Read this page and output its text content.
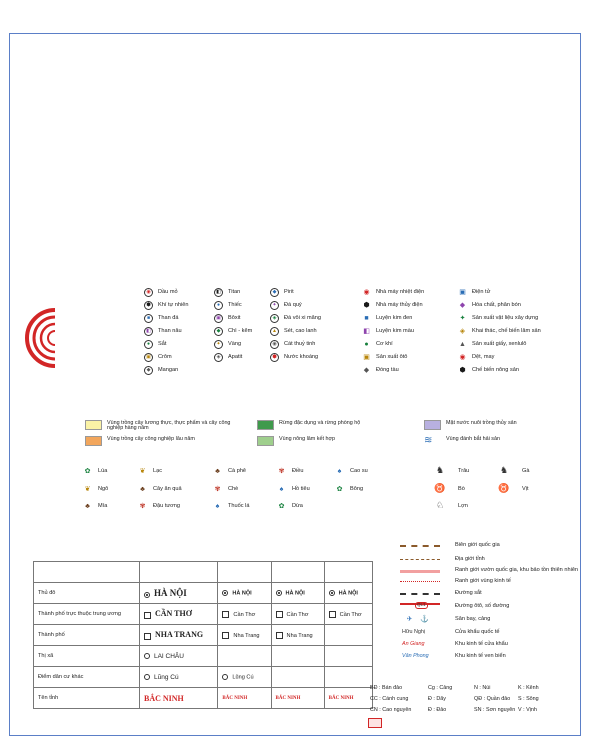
◉	Dầu mỏ
⬢	Khí tự nhiên
■	Than đá
◧	Than nâu
●	Sắt
▣	Crôm
◆	Mangan
◧	Titan
●	Thiếc
▣	Bôxit
◆	Chì - kẽm
✦	Vàng
◈	Apatit
◆	Pirit
✦	Đá quý
◈	Đá vôi xi măng
▲	Sét, cao lanh
◉	Cát thuỷ tinh
⬢	Nước khoáng
◉ Nhà máy nhiệt điện
⬢ Nhà máy thủy điện
■	Luyện kim đen
◧ Luyện kim màu
●	Cơ khí
▣ Sản xuất ôtô
◆	Đóng tàu
▣ Điện tử
◆	Hóa chất, phân bón
✦ Sản xuất vật liệu xây dựng
◈	Khai thác, chế biến lâm sản
▲ Sản xuất giấy, xenlulô
◉ Dệt, may
⬢ Chế biến nông sản
Vùng trồng cây lương thực, thực phẩm và cây công nghiệp hàng năm
Vùng trồng cây công nghiệp lâu năm
Rừng đặc dụng và rừng phòng hộ
Vùng nông lâm kết hợp
Mặt nước nuôi trồng thủy sản
≋	Vùng đánh bắt hải sản
✿ Lúa
❦ Ngô
♣	Mía
❦ Lạc
♣	Cây ăn quả
✾ Đậu tương
♣	Cà phê
✾ Chè
♠	Thuốc lá
✾ Điều
♠	Hồ tiêu
✿ Dừa
♠	Cao su
✿ Bông
♞	Trâu
♉	Bò
♘	Lợn
♞	Gà
♉	Vịt

Thủ đô	HÀ NỘI	HÀ NỘI	HÀ NỘI	HÀ NỘI
Thành phố trực thuộc trung ương	CẦN THƠ	Cần Thơ	Cần Thơ	Cần Thơ
Thành phố	NHA TRANG	Nha Trang	Nha Trang	
Thị xã	LAI CHÂU			
Điểm dân cư khác	Lũng Cú	Lũng Cú		
Tên tỉnh	BẮC NINH	BẮC NINH	BẮC NINH	BẮC NINH
Biên giới quốc gia
Địa giới tỉnh
Ranh giới vườn quốc gia, khu bảo tồn thiên nhiên
Ranh giới vùng kinh tế
Đường sắt
QL1	Đường ôtô, số đường
✈ ⚓	Sân bay, cảng
Hữu Nghị	Cửa khẩu quốc tế
An Giang	Khu kinh tế cửa khẩu
Vân Phong	Khu kinh tế ven biển
BĐ : Bán đảo	Cg : Cảng	N : Núi	K : Kênh
CC : Cánh cung	Đ : Dãy	QĐ : Quần đảo S : Sông
CN : Cao nguyên	Đ : Đảo	SN : Sơn nguyên V : Vịnh
